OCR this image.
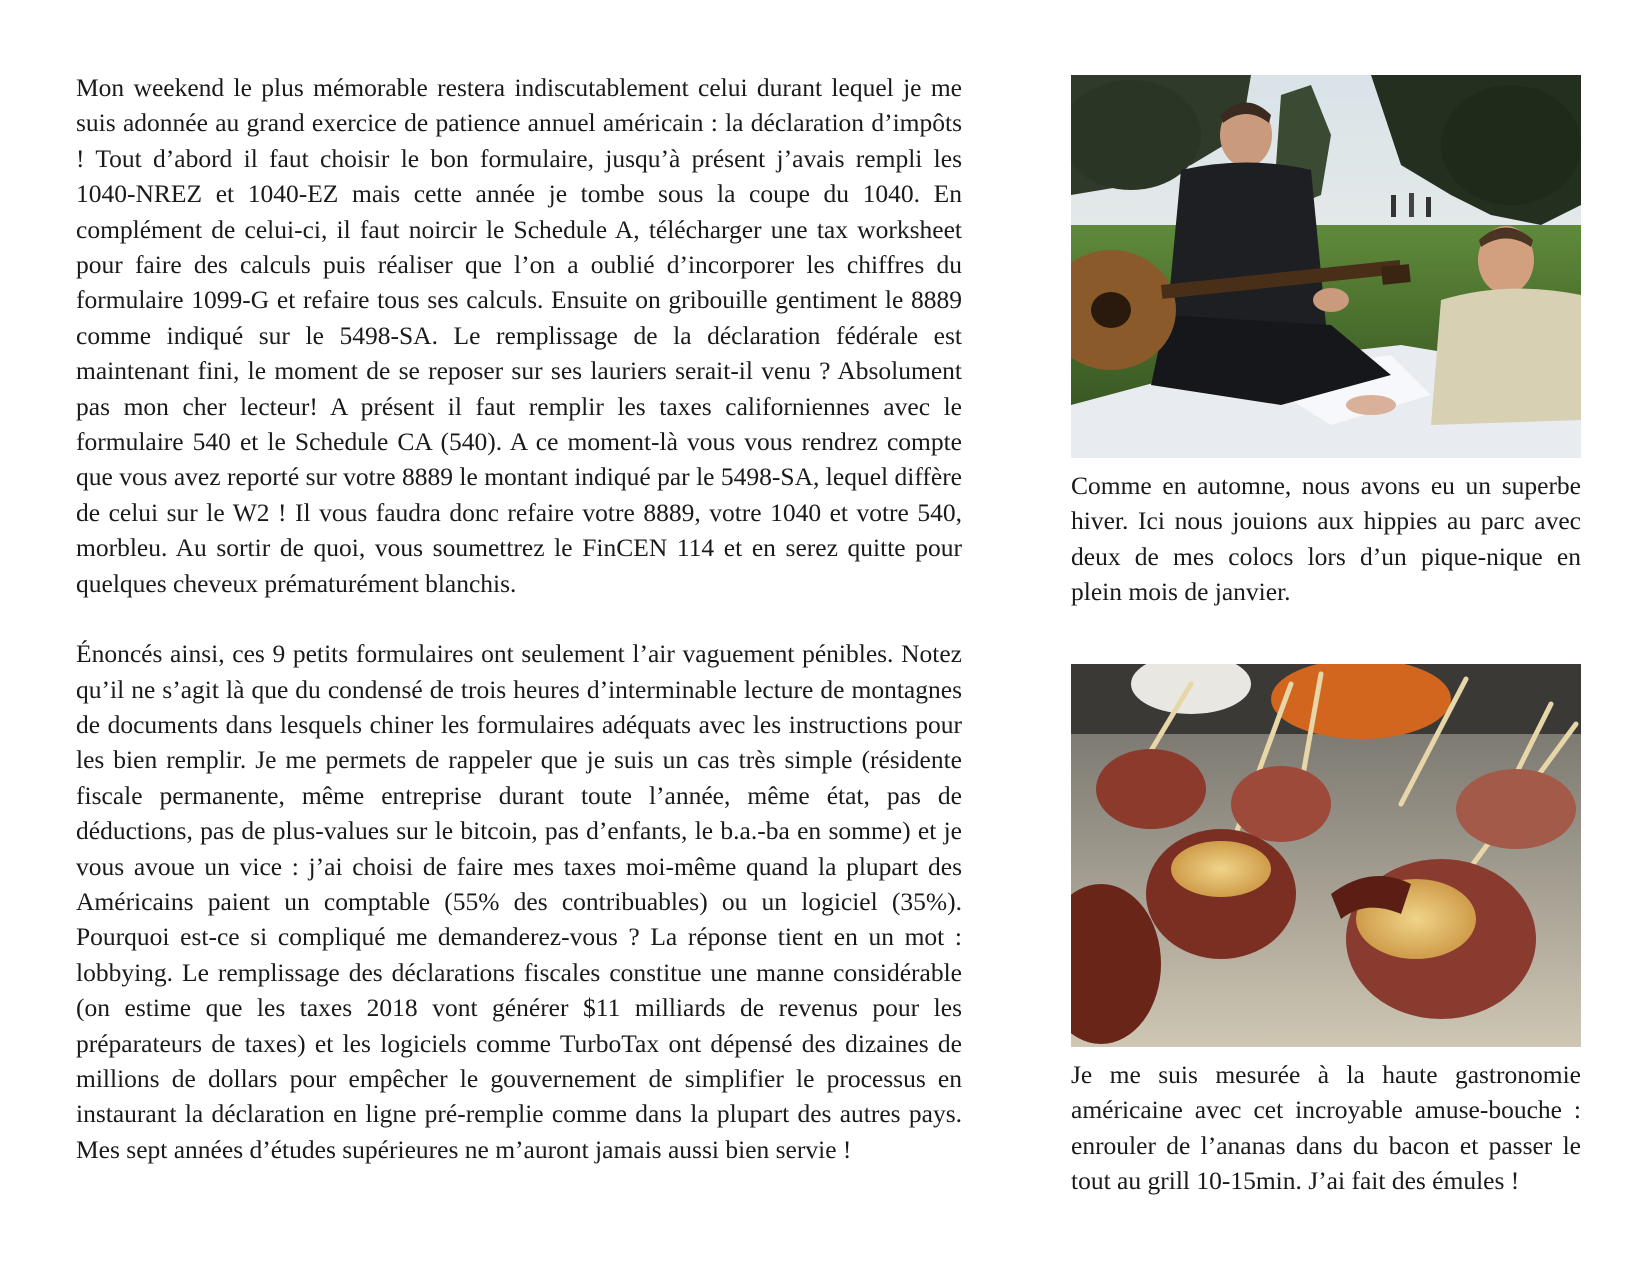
Mon weekend le plus mémorable restera indiscutablement celui durant lequel je me suis adonnée au grand exercice de patience annuel américain : la déclaration d’impôts ! Tout d’abord il faut choisir le bon formulaire, jusqu’à présent j’avais rempli les 1040-NREZ et 1040-EZ mais cette année je tombe sous la coupe du 1040. En complément de celui-ci, il faut noircir le Schedule A, télécharger une tax worksheet pour faire des calculs puis réaliser que l’on a oublié d’incorporer les chiffres du formulaire 1099-G et refaire tous ses calculs. Ensuite on gribouille gentiment le 8889 comme indiqué sur le 5498-SA. Le remplissage de la déclaration fédérale est maintenant fini, le moment de se reposer sur ses lauriers serait-il venu ? Absolument pas mon cher lecteur! A présent il faut remplir les taxes californiennes avec le formulaire 540 et le Schedule CA (540). A ce moment-là vous vous rendrez compte que vous avez reporté sur votre 8889 le montant indiqué par le 5498-SA, lequel diffère de celui sur le W2 ! Il vous faudra donc refaire votre 8889, votre 1040 et votre 540, morbleu. Au sortir de quoi, vous soumettrez le FinCEN 114 et en serez quitte pour quelques cheveux prématurément blanchis.

Énoncés ainsi, ces 9 petits formulaires ont seulement l’air vaguement pénibles. Notez qu’il ne s’agit là que du condensé de trois heures d’interminable lecture de montagnes de documents dans lesquels chiner les formulaires adéquats avec les instructions pour les bien remplir. Je me permets de rappeler que je suis un cas très simple (résidente fiscale permanente, même entreprise durant toute l’année, même état, pas de déductions, pas de plus-values sur le bitcoin, pas d’enfants, le b.a.-ba en somme) et je vous avoue un vice : j’ai choisi de faire mes taxes moi-même quand la plupart des Américains paient un comptable (55% des contribuables) ou un logiciel (35%). Pourquoi est-ce si compliqué me demanderez-vous ? La réponse tient en un mot : lobbying. Le remplissage des déclarations fiscales constitue une manne considérable (on estime que les taxes 2018 vont générer $11 milliards de revenus pour les préparateurs de taxes) et les logiciels comme TurboTax ont dépensé des dizaines de millions de dollars pour empêcher le gouvernement de simplifier le processus en instaurant la déclaration en ligne pré-remplie comme dans la plupart des autres pays. Mes sept années d’études supérieures ne m’auront jamais aussi bien servie !

Comme en automne, nous avons eu un superbe hiver. Ici nous jouions aux hippies au parc avec deux de mes colocs lors d’un pique-nique en plein mois de janvier.
Je me suis mesurée à la haute gastronomie américaine avec cet incroyable amuse-bouche : enrouler de l’ananas dans du bacon et passer le tout au grill 10-15min. J’ai fait des émules !
